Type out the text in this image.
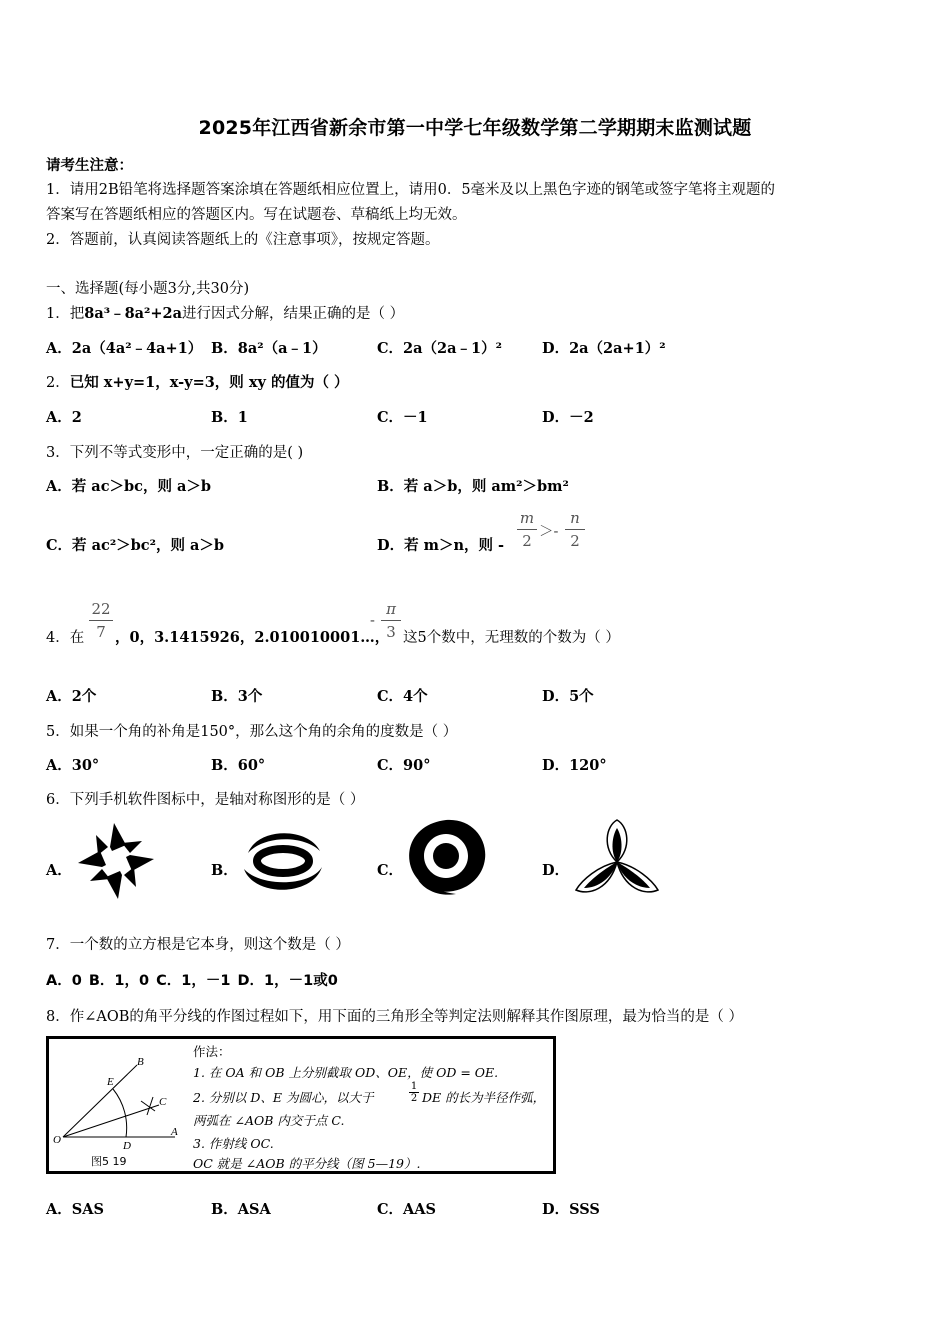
2025年江西省新余市第一中学七年级数学第二学期期末监测试题
请考生注意：
1．请用2B铅笔将选择题答案涂填在答题纸相应位置上，请用0．5毫米及以上黑色字迹的钢笔或签字笔将主观题的
答案写在答题纸相应的答题区内。写在试题卷、草稿纸上均无效。
2．答题前，认真阅读答题纸上的《注意事项》，按规定答题。
一、选择题(每小题3分,共30分)
1．把8a³﹣8a²+2a进行因式分解，结果正确的是（ ）
A．2a（4a²﹣4a+1） B．8a²（a﹣1）	C．2a（2a﹣1）²	D．2a（2a+1）²
2．已知 x+y=1，x-y=3，则 xy 的值为（ ）
A．2	B．1	C．－1	D．－2
3．下列不等式变形中，一定正确的是( )
A．若 ac＞bc，则 a＞b	B．若 a＞b，则 am²＞bm²
C．若 ac²＞bc²，则 a＞b	D．若 m＞n，则 -
m
2 ＞-
n
2
4．在
22
7 ，0，3.1415926，2.010010001…，
-
π
3 这5个数中，无理数的个数为（ ）
A．2个	B．3个	C．4个	D．5个
5．如果一个角的补角是150°，那么这个角的余角的度数是（ ）
A．30°	B．60°	C．90°	D．120°
6．下列手机软件图标中，是轴对称图形的是（ ）
A．	B．	C．	D．
7．一个数的立方根是它本身，则这个数是（ ）
A．0 B．1，0 C．1，－1 D．1，－1或0
8．作∠AOB的角平分线的作图过程如下，用下面的三角形全等判定法则解释其作图原理，最为恰当的是（ ）
O
A
B
C
D
E
图5 19
作法：
1. 在 OA 和 OB 上分别截取 OD、OE，使 OD = OE.
2. 分别以 D、E 为圆心，以大于
1
2 DE 的长为半径作弧，
两弧在 ∠AOB 内交于点 C.
3. 作射线 OC.
OC 就是 ∠AOB 的平分线（图 5—19）.
A．SAS	B．ASA	C．AAS	D．SSS
